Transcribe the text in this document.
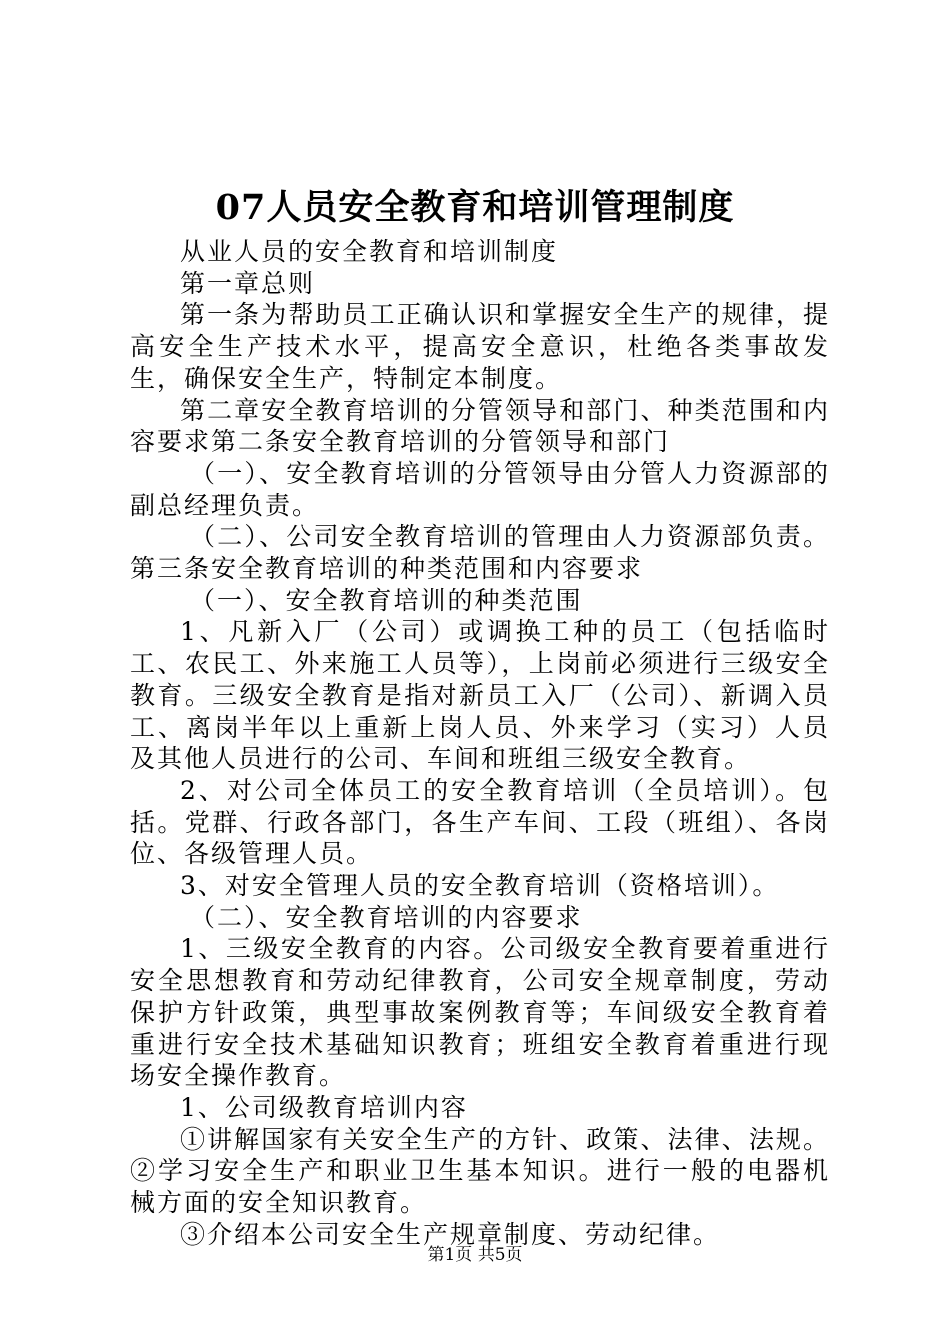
07人员安全教育和培训管理制度

从业人员的安全教育和培训制度

第一章总则

第一条为帮助员工正确认识和掌握安全生产的规律，提高安全生产技术水平，提高安全意识，杜绝各类事故发生，确保安全生产，特制定本制度。

第二章安全教育培训的分管领导和部门、种类范围和内容要求第二条安全教育培训的分管领导和部门

（一）、安全教育培训的分管领导由分管人力资源部的副总经理负责。

（二）、公司安全教育培训的管理由人力资源部负责。第三条安全教育培训的种类范围和内容要求

（一）、安全教育培训的种类范围

1、凡新入厂（公司）或调换工种的员工（包括临时工、农民工、外来施工人员等），上岗前必须进行三级安全教育。三级安全教育是指对新员工入厂（公司）、新调入员工、离岗半年以上重新上岗人员、外来学习（实习）人员及其他人员进行的公司、车间和班组三级安全教育。

2、对公司全体员工的安全教育培训（全员培训）。包括。党群、行政各部门，各生产车间、工段（班组）、各岗位、各级管理人员。

3、对安全管理人员的安全教育培训（资格培训）。

（二）、安全教育培训的内容要求

1、三级安全教育的内容。公司级安全教育要着重进行安全思想教育和劳动纪律教育，公司安全规章制度，劳动保护方针政策，典型事故案例教育等；车间级安全教育着重进行安全技术基础知识教育；班组安全教育着重进行现场安全操作教育。

1、公司级教育培训内容

①讲解国家有关安全生产的方针、政策、法律、法规。②学习安全生产和职业卫生基本知识。进行一般的电器机械方面的安全知识教育。

③介绍本公司安全生产规章制度、劳动纪律。

第1页 共5页
